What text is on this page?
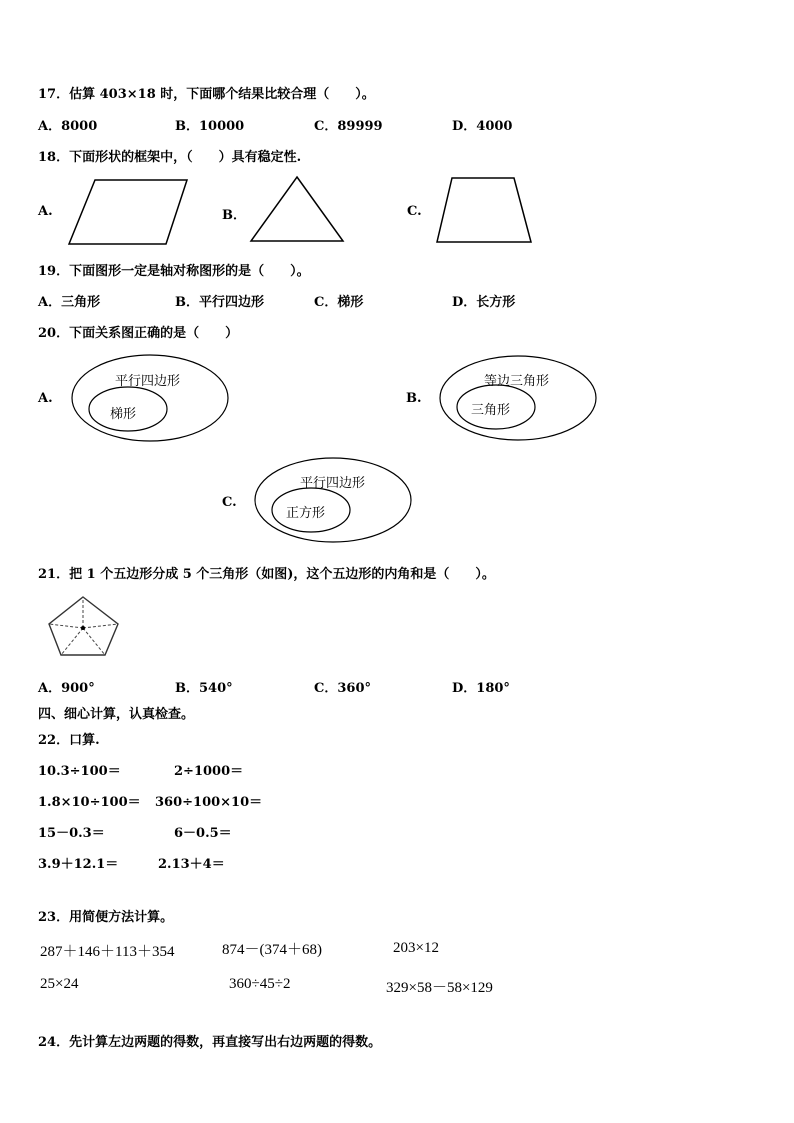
17．估算 403×18 时，下面哪个结果比较合理（　　）。
A．8000	B．10000	C．89999	D．4000
18．下面形状的框架中，（　　）具有稳定性.
A.	B．	C.
19．下面图形一定是轴对称图形的是（　　）。
A．三角形	B．平行四边形	C．梯形	D．长方形
20．下面关系图正确的是（　　）
A.
平行四边形
梯形
B.
等边三角形
三角形
C.
平行四边形
正方形
21．把 1 个五边形分成 5 个三角形（如图)，这个五边形的内角和是（　　）。
A．900°	B．540°	C．360°	D．180°
四、细心计算，认真检查。
22．口算.
10.3÷100＝	2÷1000＝
1.8×10÷100＝ 360÷100×10＝
15－0.3＝	6－0.5＝
3.9＋12.1＝	2.13＋4＝
23．用简便方法计算。
287＋146＋113＋354	874－(374＋68)	203×12
25×24	360÷45÷2	329×58－58×129
24．先计算左边两题的得数，再直接写出右边两题的得数。
